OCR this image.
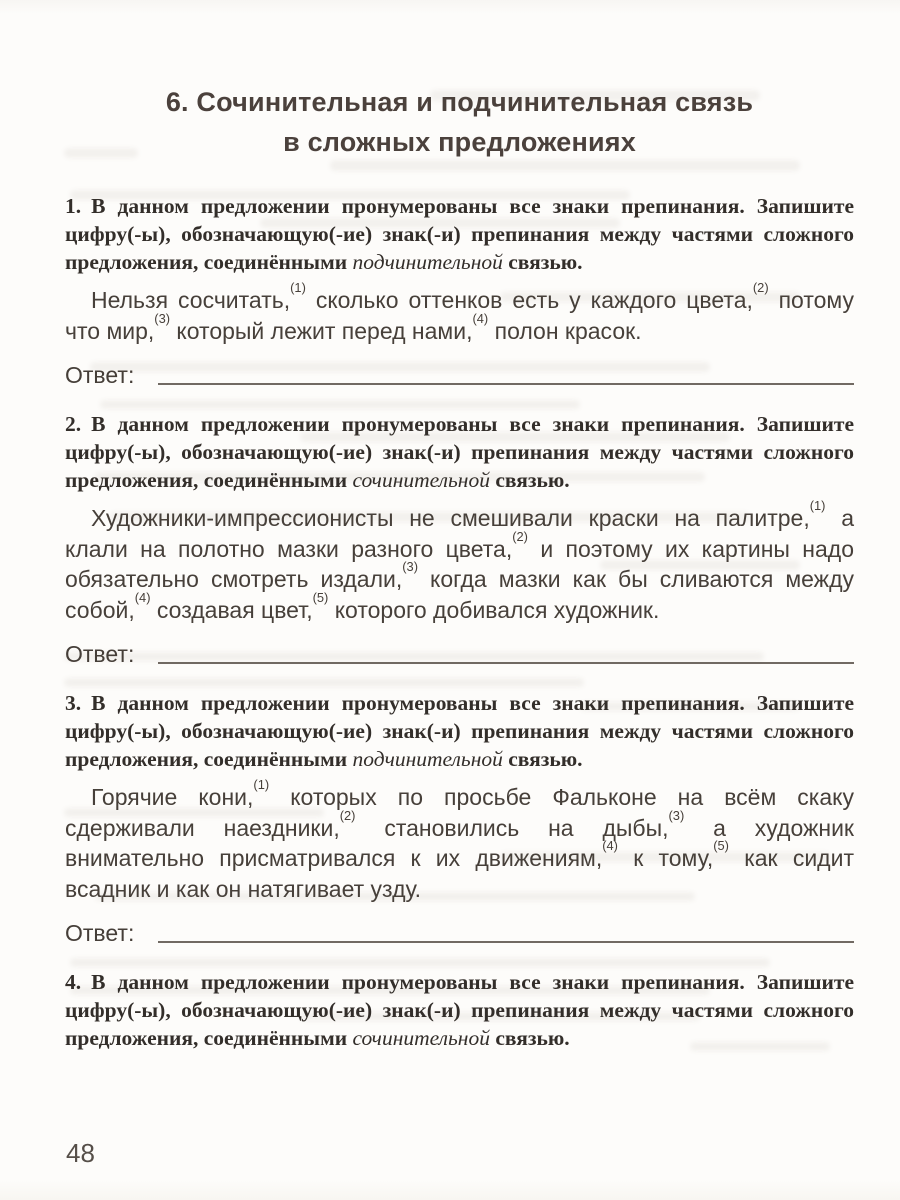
6. Сочинительная и подчинительная связь
в сложных предложениях

1. В данном предложении пронумерованы все знаки препинания. Запишите цифру(-ы), обозначающую(-ие) знак(-и) препинания между частями сложного предложения, соединёнными подчинительной связью.

Нельзя сосчитать,$^{(1)}$ сколько оттенков есть у каждого цвета,$^{(2)}$ потому что мир,$^{(3)}$ который лежит перед нами,$^{(4)}$ полон красок.

Ответ:

2. В данном предложении пронумерованы все знаки препинания. Запишите цифру(-ы), обозначающую(-ие) знак(-и) препинания между частями сложного предложения, соединёнными сочинительной связью.

Художники-импрессионисты не смешивали краски на палитре,$^{(1)}$ а клали на полотно мазки разного цвета,$^{(2)}$ и поэтому их картины надо обязательно смотреть издали,$^{(3)}$ когда мазки как бы сливаются между собой,$^{(4)}$ создавая цвет,$^{(5)}$ которого добивался художник.

Ответ:

3. В данном предложении пронумерованы все знаки препинания. Запишите цифру(-ы), обозначающую(-ие) знак(-и) препинания между частями сложного предложения, соединёнными подчинительной связью.

Горячие кони,$^{(1)}$ которых по просьбе Фальконе на всём скаку сдерживали наездники,$^{(2)}$ становились на дыбы,$^{(3)}$ а художник внимательно присматривался к их движениям,$^{(4)}$ к тому,$^{(5)}$ как сидит всадник и как он натягивает узду.

Ответ:

4. В данном предложении пронумерованы все знаки препинания. Запишите цифру(-ы), обозначающую(-ие) знак(-и) препинания между частями сложного предложения, соединёнными сочинительной связью.

48
